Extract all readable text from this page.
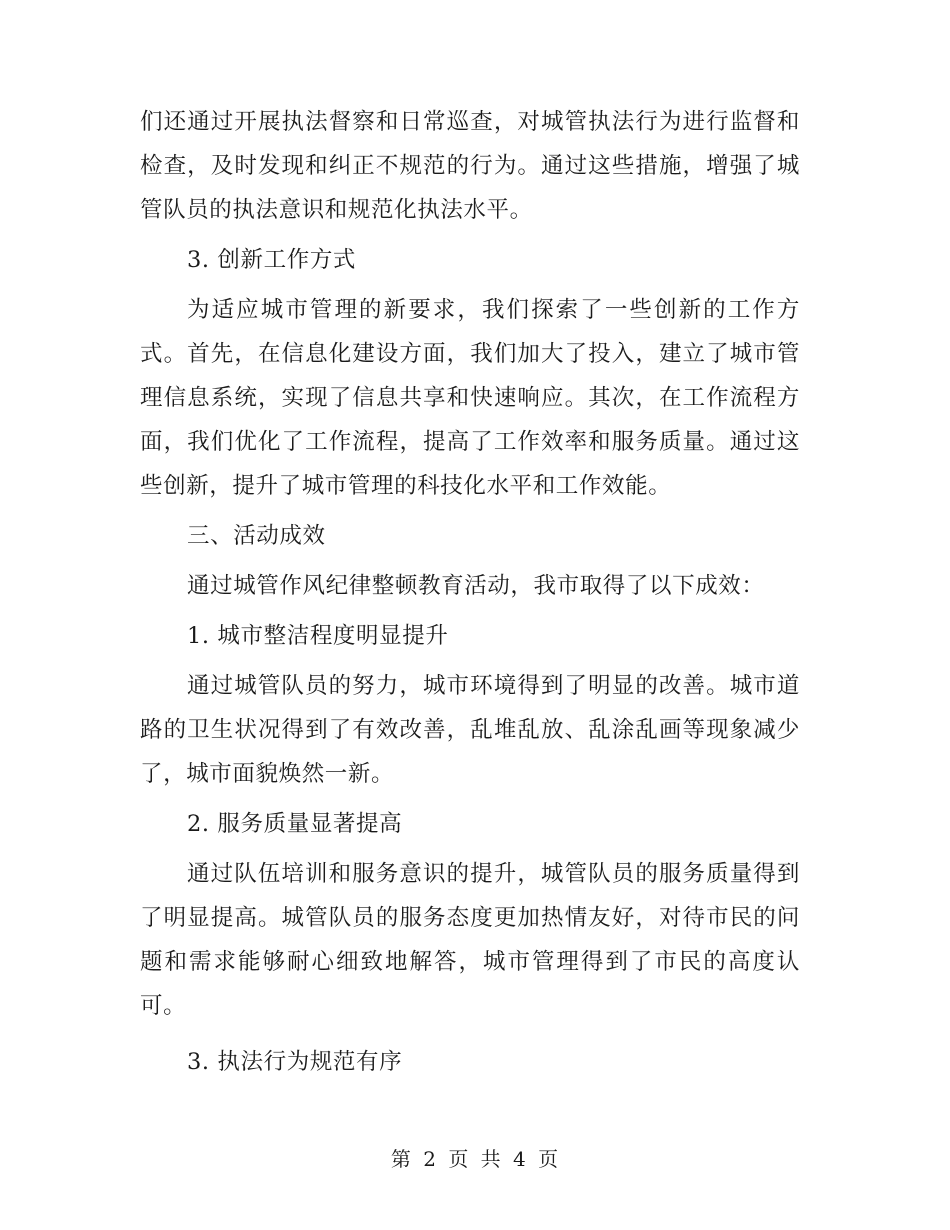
们还通过开展执法督察和日常巡查，对城管执法行为进行监督和检查，及时发现和纠正不规范的行为。通过这些措施，增强了城管队员的执法意识和规范化执法水平。

3. 创新工作方式

为适应城市管理的新要求，我们探索了一些创新的工作方式。首先，在信息化建设方面，我们加大了投入，建立了城市管理信息系统，实现了信息共享和快速响应。其次，在工作流程方面，我们优化了工作流程，提高了工作效率和服务质量。通过这些创新，提升了城市管理的科技化水平和工作效能。

三、活动成效

通过城管作风纪律整顿教育活动，我市取得了以下成效：

1. 城市整洁程度明显提升

通过城管队员的努力，城市环境得到了明显的改善。城市道路的卫生状况得到了有效改善，乱堆乱放、乱涂乱画等现象减少了，城市面貌焕然一新。

2. 服务质量显著提高

通过队伍培训和服务意识的提升，城管队员的服务质量得到了明显提高。城管队员的服务态度更加热情友好，对待市民的问题和需求能够耐心细致地解答，城市管理得到了市民的高度认可。

3. 执法行为规范有序

第 2 页 共 4 页
